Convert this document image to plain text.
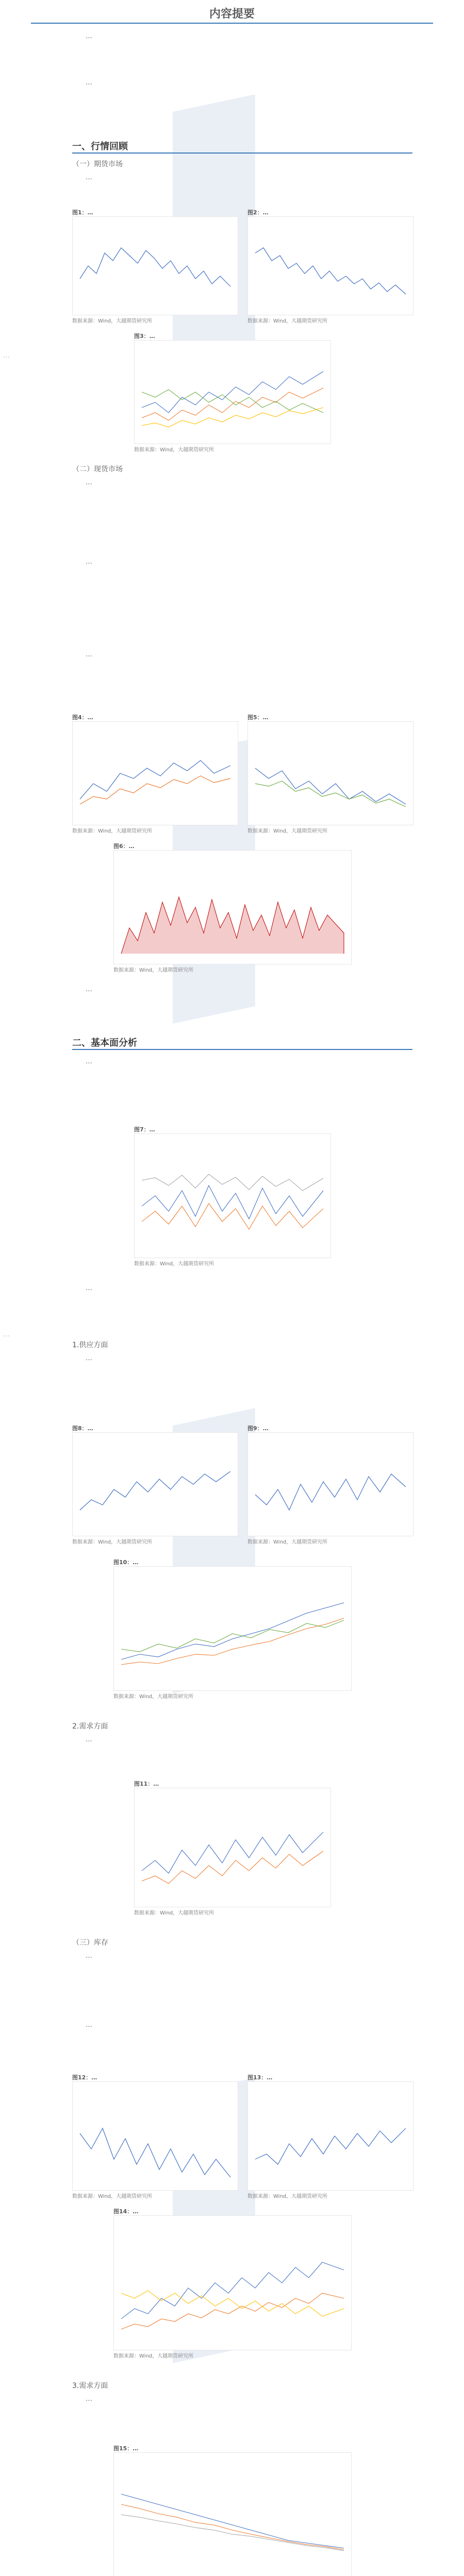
内容提要
…
…
…
…
一、行情回顾
（一）期货市场
…
图1：…
数据来源：Wind，大越期货研究所
图2：…
数据来源：Wind，大越期货研究所
图3：…
数据来源：Wind，大越期货研究所
（二）现货市场
…
…
…
图4：…
数据来源：Wind，大越期货研究所
图5：…
数据来源：Wind，大越期货研究所
图6：…
数据来源：Wind，大越期货研究所
…
二、基本面分析
…
图7：…
数据来源：Wind，大越期货研究所
…
1.供应方面
…
图8：…
数据来源：Wind，大越期货研究所
图9：…
数据来源：Wind，大越期货研究所
图10：…
数据来源：Wind，大越期货研究所
2.需求方面
…
图11：…
数据来源：Wind，大越期货研究所
（三）库存
…
…
图12：…
数据来源：Wind，大越期货研究所
图13：…
数据来源：Wind，大越期货研究所
图14：…
数据来源：Wind，大越期货研究所
3.需求方面
…
图15：…
